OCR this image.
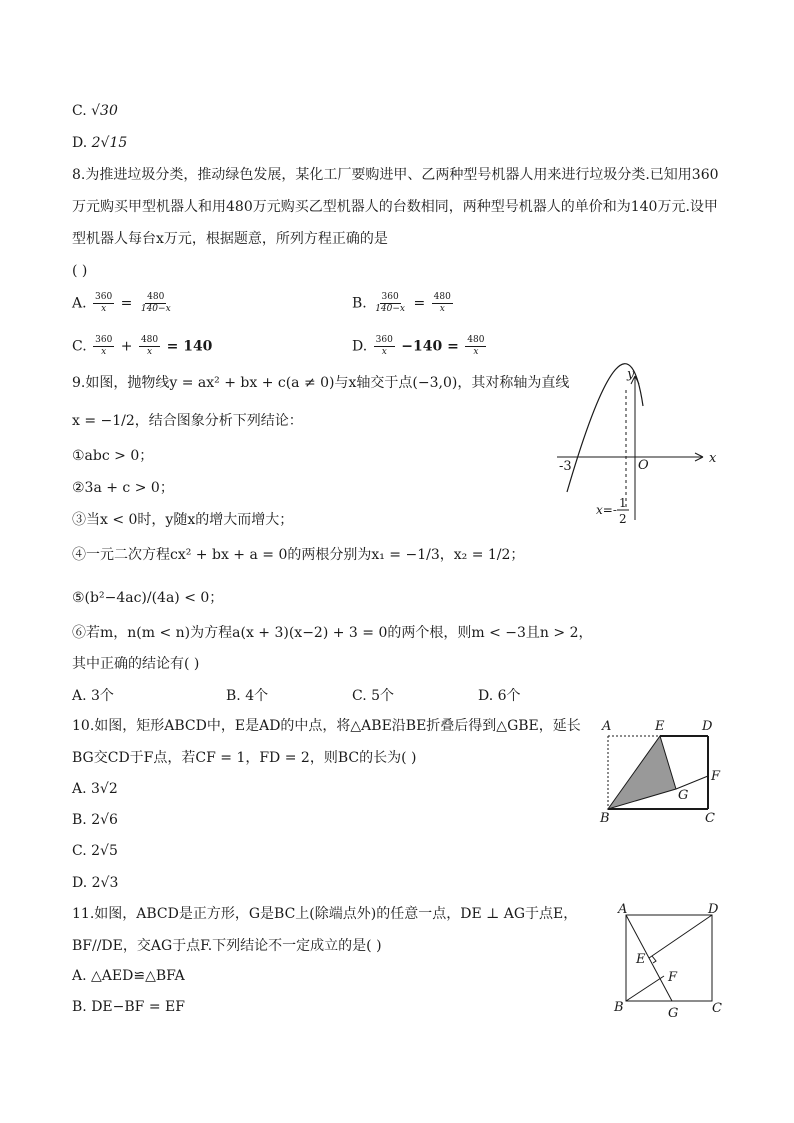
C. √30
D. 2√15
8.为推进垃圾分类，推动绿色发展，某化工厂要购进甲、乙两种型号机器人用来进行垃圾分类.已知用360
万元购买甲型机器人和用480万元购买乙型机器人的台数相同，两种型号机器人的单价和为140万元.设甲
型机器人每台x万元，根据题意，所列方程正确的是
( )
A. $\frac{360}{x} = \frac{480}{140-x}$	B. $\frac{360}{140-x} = \frac{480}{x}$
C. $\frac{360}{x} + \frac{480}{x} = 140$	D. $\frac{360}{x} -140 = \frac{480}{x}$
9.如图，抛物线y = ax² + bx + c(a ≠ 0)与x轴交于点(−3,0)，其对称轴为直线
x = −1/2，结合图象分析下列结论：
①abc > 0；
②3a + c > 0；
③当x < 0时，y随x的增大而增大；
④一元二次方程cx² + bx + a = 0的两根分别为x₁ = −1/3，x₂ = 1/2；
⑤(b²−4ac)/(4a) < 0；
⑥若m，n(m < n)为方程a(x + 3)(x−2) + 3 = 0的两个根，则m < −3且n > 2，
其中正确的结论有( )
A. 3个	B. 4个	C. 5个	D. 6个
y
x
-3	O
x=- 1
2
10.如图，矩形ABCD中，E是AD的中点，将△ABE沿BE折叠后得到△GBE，延长
BG交CD于F点，若CF = 1，FD = 2，则BC的长为( )
A. 3√2
B. 2√6
C. 2√5
D. 2√3
A	E	D
F
G
B	C
11.如图，ABCD是正方形，G是BC上(除端点外)的任意一点，DE ⊥ AG于点E，
BF//DE，交AG于点F.下列结论不一定成立的是( )
A. △AED≌△BFA
B. DE−BF = EF
A	D
E
F
B	G	C
